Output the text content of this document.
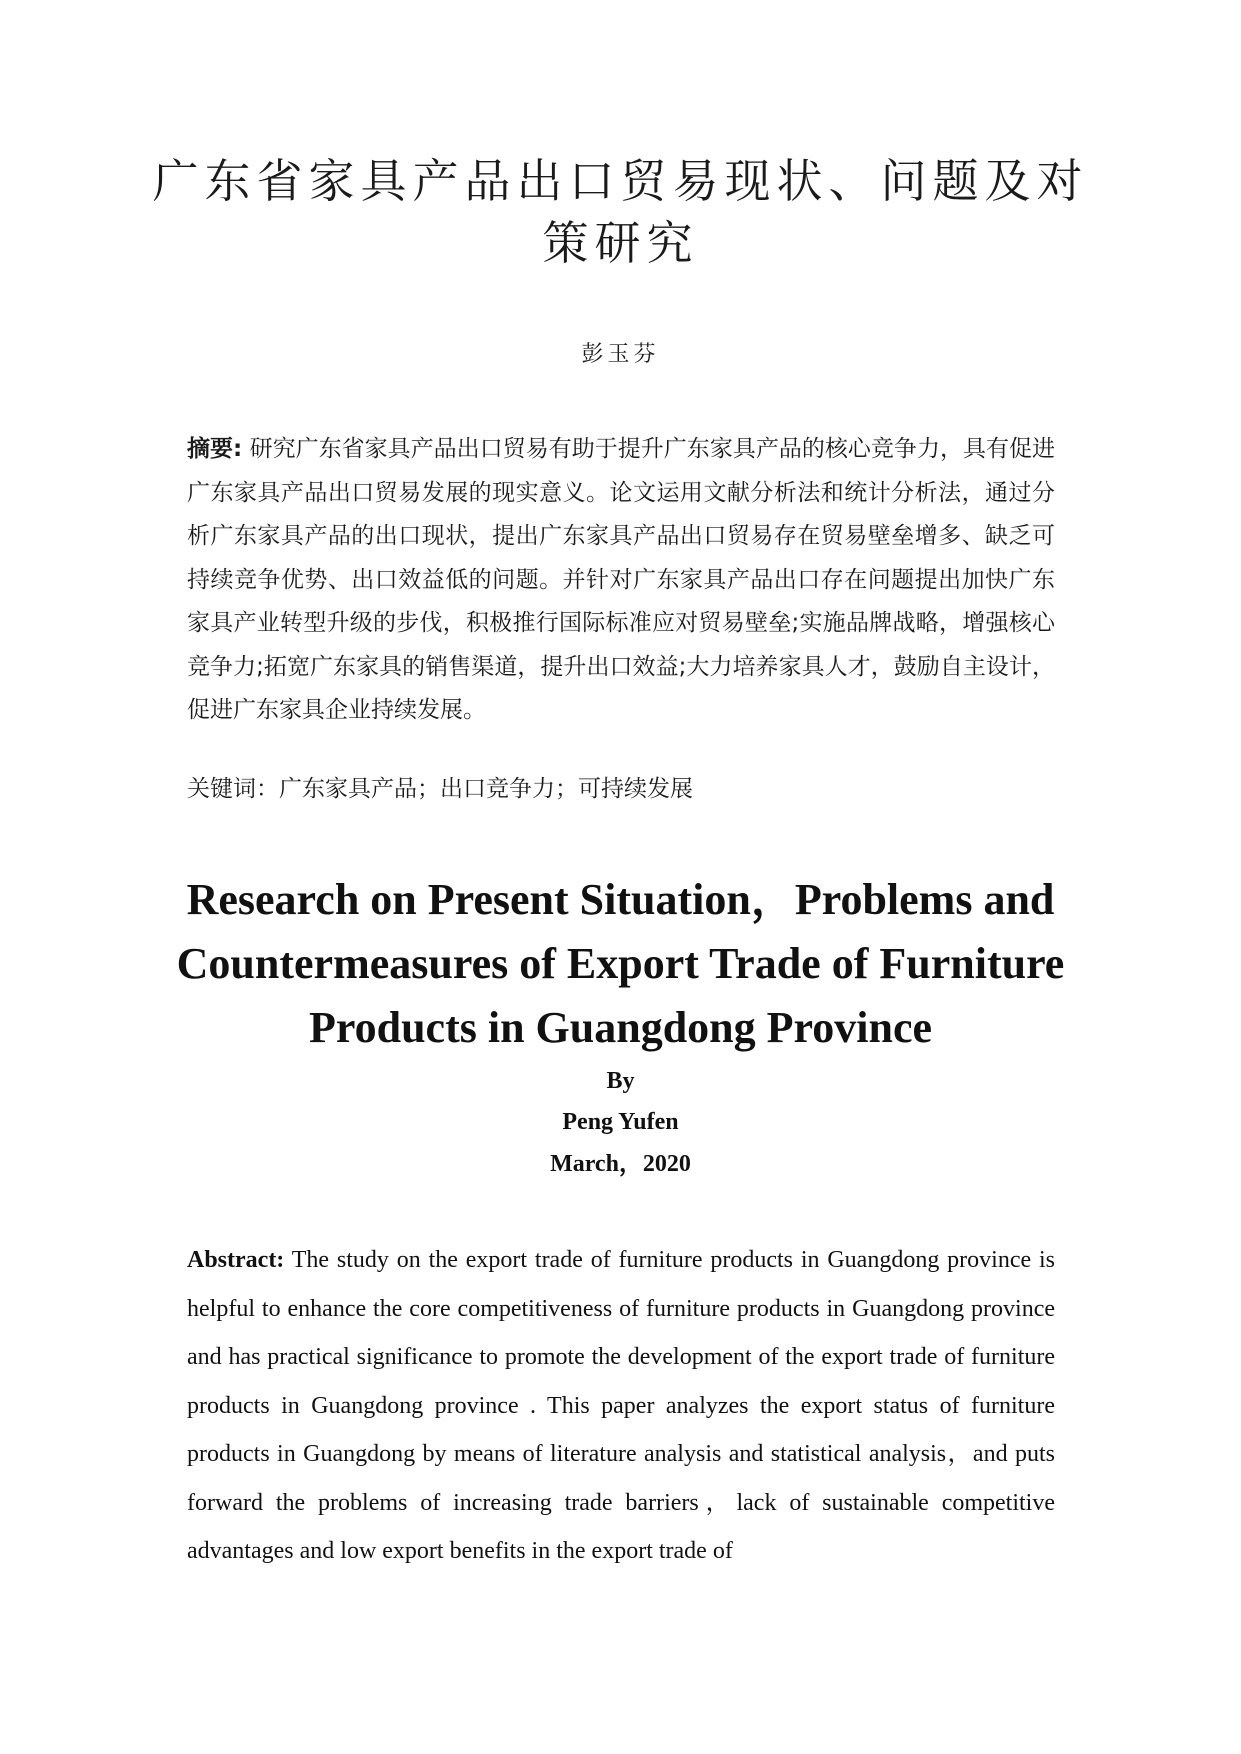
广东省家具产品出口贸易现状、问题及对策研究
彭玉芬

摘要: 研究广东省家具产品出口贸易有助于提升广东家具产品的核心竞争力，具有促进广东家具产品出口贸易发展的现实意义。论文运用文献分析法和统计分析法，通过分析广东家具产品的出口现状，提出广东家具产品出口贸易存在贸易壁垒增多、缺乏可持续竞争优势、出口效益低的问题。并针对广东家具产品出口存在问题提出加快广东家具产业转型升级的步伐，积极推行国际标准应对贸易壁垒;实施品牌战略，增强核心竞争力;拓宽广东家具的销售渠道，提升出口效益;大力培养家具人才，鼓励自主设计，促进广东家具企业持续发展。

关键词：广东家具产品；出口竞争力；可持续发展

Research on Present Situation，Problems and Countermeasures of Export Trade of Furniture Products in Guangdong Province
By
Peng Yufen
March，2020

Abstract: The study on the export trade of furniture products in Guangdong province is helpful to enhance the core competitiveness of furniture products in Guangdong province and has practical significance to promote the development of the export trade of furniture products in Guangdong province . This paper analyzes the export status of furniture products in Guangdong by means of literature analysis and statistical analysis，and puts forward the problems of increasing trade barriers，lack of sustainable competitive advantages and low export benefits in the export trade of
